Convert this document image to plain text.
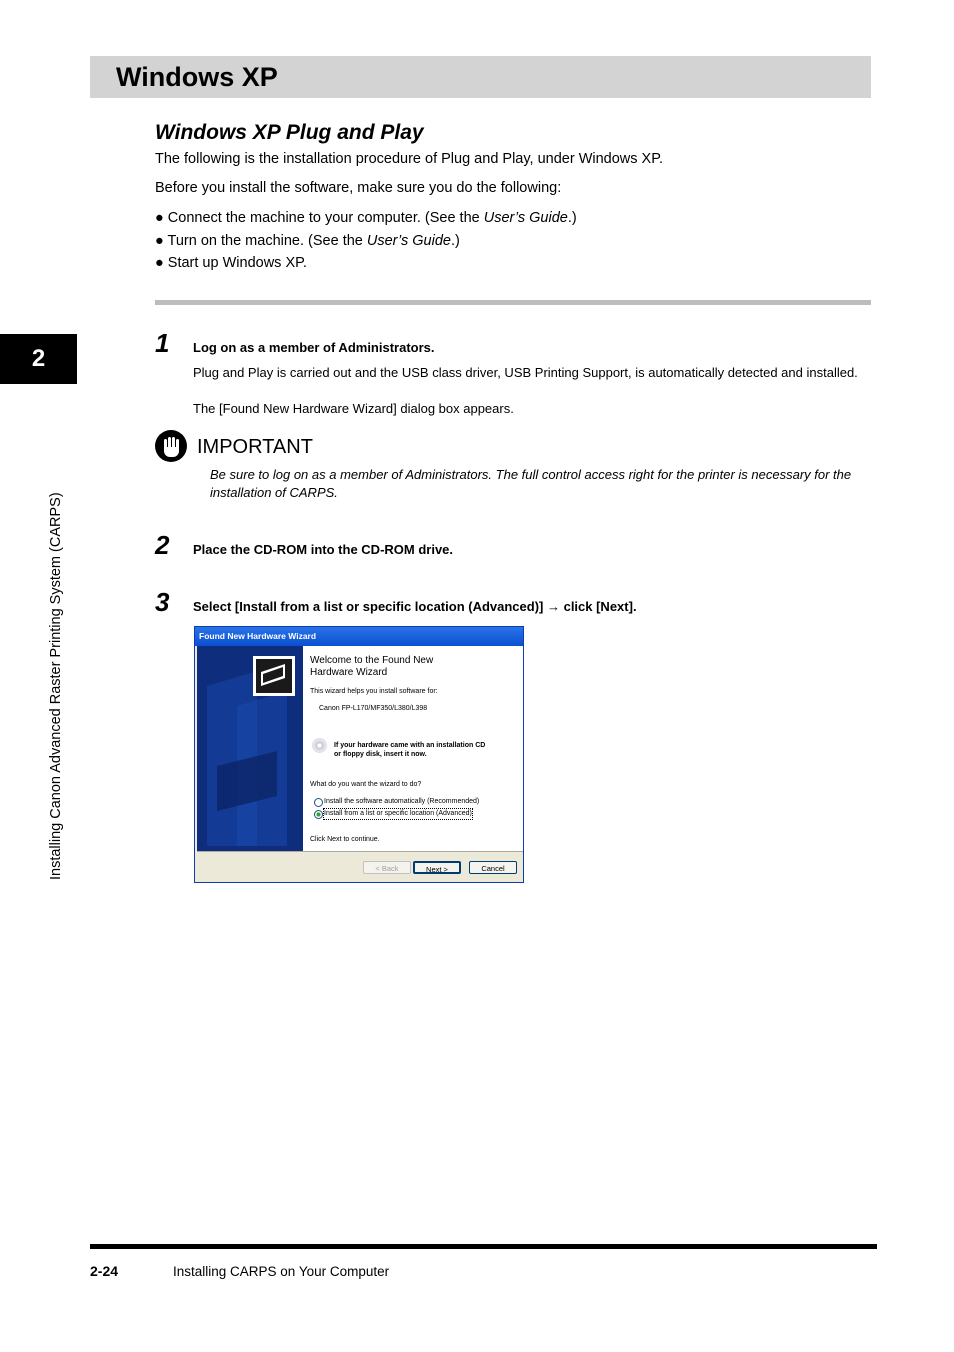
Windows XP
Windows XP Plug and Play
The following is the installation procedure of Plug and Play, under Windows XP.
Before you install the software, make sure you do the following:
● Connect the machine to your computer. (See the User’s Guide.)
● Turn on the machine. (See the User’s Guide.)
● Start up Windows XP.
2
Installing Canon Advanced Raster Printing System (CARPS)
1 Log on as a member of Administrators.
Plug and Play is carried out and the USB class driver, USB Printing Support, is automatically detected and installed.
The [Found New Hardware Wizard] dialog box appears.
IMPORTANT
Be sure to log on as a member of Administrators. The full control access right for the printer is necessary for the installation of CARPS.
2 Place the CD-ROM into the CD-ROM drive.
3 Select [Install from a list or specific location (Advanced)] → click [Next].
Found New Hardware Wizard
Welcome to the Found New
Hardware Wizard
This wizard helps you install software for:
Canon FP-L170/MF350/L380/L398
If your hardware came with an installation CD
or floppy disk, insert it now.
What do you want the wizard to do?
Install the software automatically (Recommended)
Install from a list or specific location (Advanced)
Click Next to continue.
< Back	Next >	Cancel
2-24	Installing CARPS on Your Computer
